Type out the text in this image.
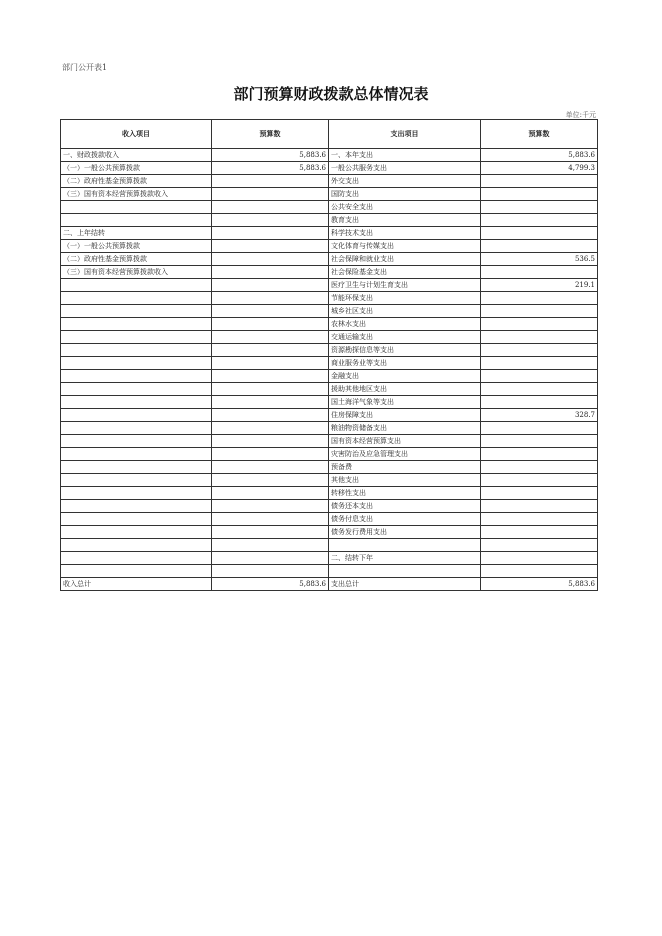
部门公开表1
部门预算财政拨款总体情况表
单位:千元
收入项目	预算数	支出项目	预算数
一、财政拨款收入	5,883.6	一、本年支出	5,883.6
（一）一般公共预算拨款	5,883.6	一般公共服务支出	4,799.3
（二）政府性基金预算拨款		外交支出	
（三）国有资本经营预算拨款收入		国防支出	
		公共安全支出	
		教育支出	
二、上年结转		科学技术支出	
（一）一般公共预算拨款		文化体育与传媒支出	
（二）政府性基金预算拨款		社会保障和就业支出	536.5
（三）国有资本经营预算拨款收入		社会保险基金支出	
		医疗卫生与计划生育支出	219.1
		节能环保支出	
		城乡社区支出	
		农林水支出	
		交通运输支出	
		资源勘探信息等支出	
		商业服务业等支出	
		金融支出	
		援助其他地区支出	
		国土海洋气象等支出	
		住房保障支出	328.7
		粮油物资储备支出	
		国有资本经营预算支出	
		灾害防治及应急管理支出	
		预备费	
		其他支出	
		转移性支出	
		债务还本支出	
		债务付息支出	
		债务发行费用支出	

		二、结转下年	

收入总计	5,883.6	支出总计	5,883.6
